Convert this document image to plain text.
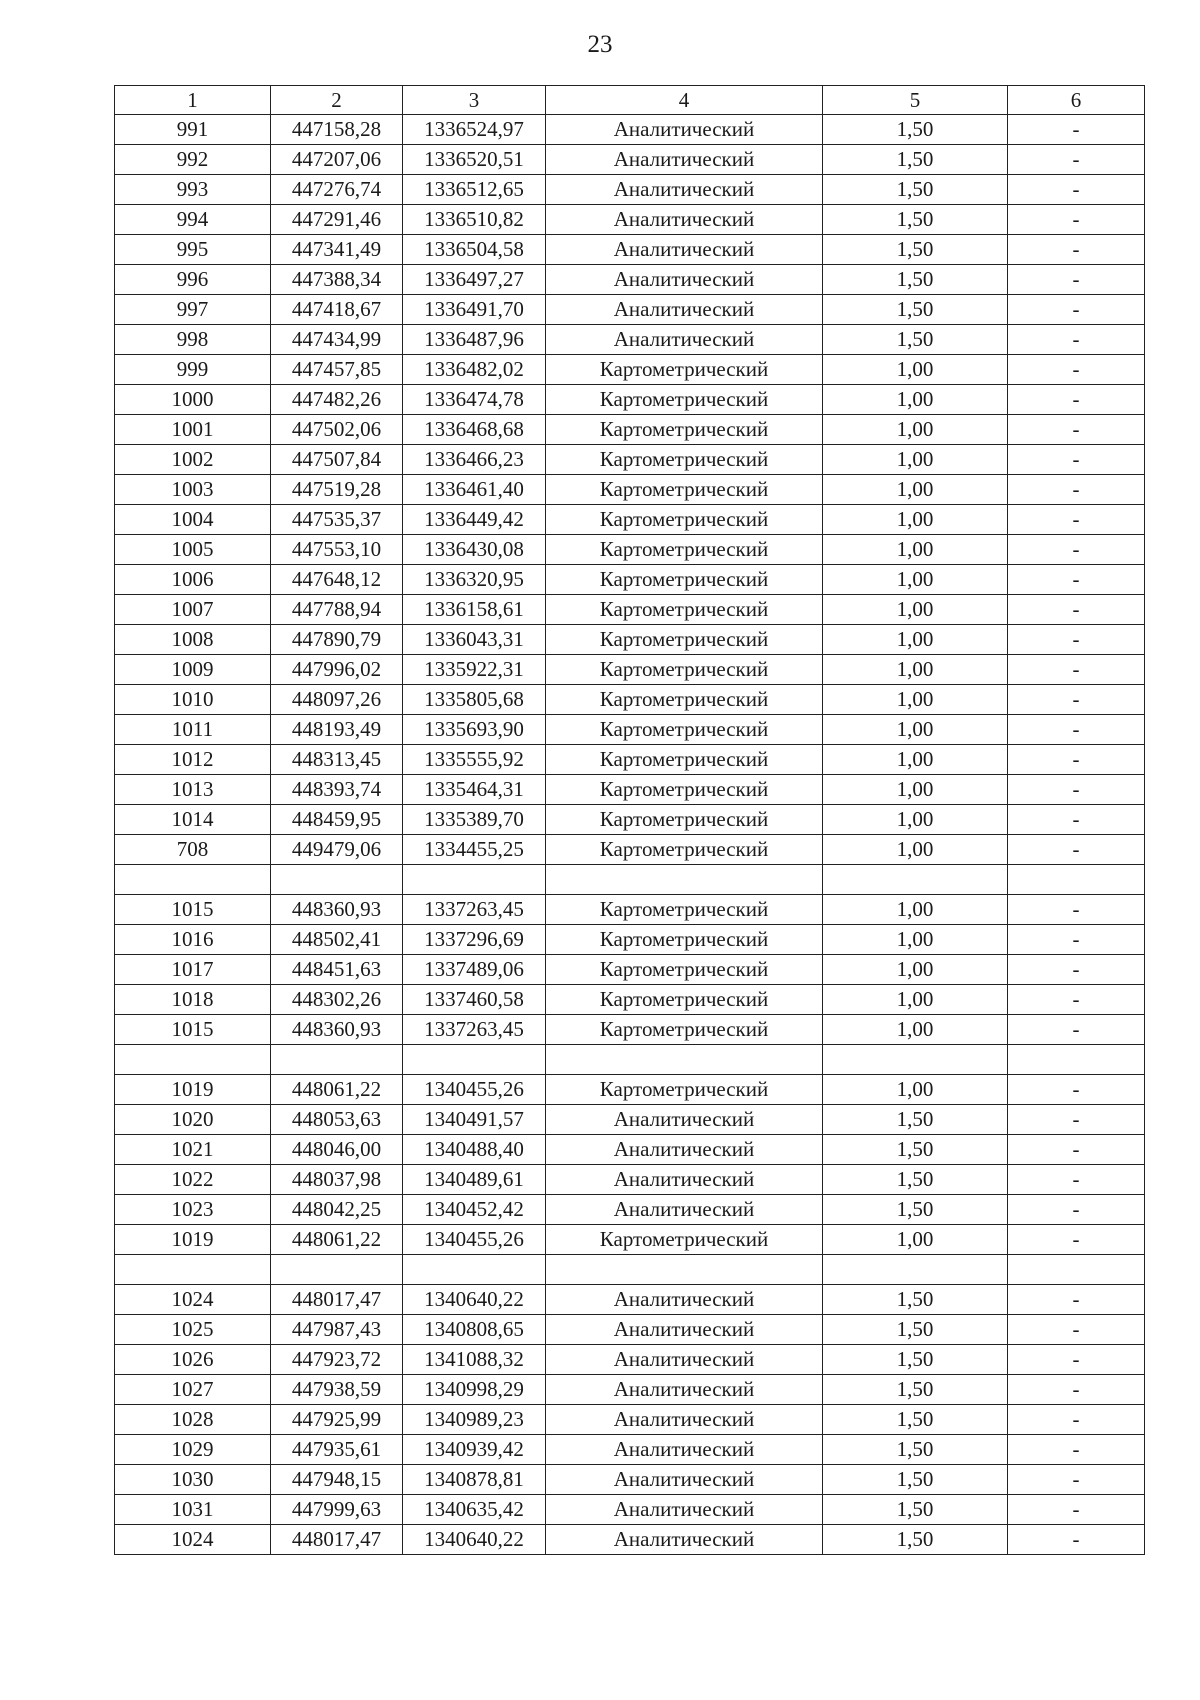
23
1	2	3	4	5	6
991	447158,28	1336524,97	Аналитический	1,50	-
992	447207,06	1336520,51	Аналитический	1,50	-
993	447276,74	1336512,65	Аналитический	1,50	-
994	447291,46	1336510,82	Аналитический	1,50	-
995	447341,49	1336504,58	Аналитический	1,50	-
996	447388,34	1336497,27	Аналитический	1,50	-
997	447418,67	1336491,70	Аналитический	1,50	-
998	447434,99	1336487,96	Аналитический	1,50	-
999	447457,85	1336482,02	Картометрический	1,00	-
1000	447482,26	1336474,78	Картометрический	1,00	-
1001	447502,06	1336468,68	Картометрический	1,00	-
1002	447507,84	1336466,23	Картометрический	1,00	-
1003	447519,28	1336461,40	Картометрический	1,00	-
1004	447535,37	1336449,42	Картометрический	1,00	-
1005	447553,10	1336430,08	Картометрический	1,00	-
1006	447648,12	1336320,95	Картометрический	1,00	-
1007	447788,94	1336158,61	Картометрический	1,00	-
1008	447890,79	1336043,31	Картометрический	1,00	-
1009	447996,02	1335922,31	Картометрический	1,00	-
1010	448097,26	1335805,68	Картометрический	1,00	-
1011	448193,49	1335693,90	Картометрический	1,00	-
1012	448313,45	1335555,92	Картометрический	1,00	-
1013	448393,74	1335464,31	Картометрический	1,00	-
1014	448459,95	1335389,70	Картометрический	1,00	-
708	449479,06	1334455,25	Картометрический	1,00	-

1015	448360,93	1337263,45	Картометрический	1,00	-
1016	448502,41	1337296,69	Картометрический	1,00	-
1017	448451,63	1337489,06	Картометрический	1,00	-
1018	448302,26	1337460,58	Картометрический	1,00	-
1015	448360,93	1337263,45	Картометрический	1,00	-

1019	448061,22	1340455,26	Картометрический	1,00	-
1020	448053,63	1340491,57	Аналитический	1,50	-
1021	448046,00	1340488,40	Аналитический	1,50	-
1022	448037,98	1340489,61	Аналитический	1,50	-
1023	448042,25	1340452,42	Аналитический	1,50	-
1019	448061,22	1340455,26	Картометрический	1,00	-

1024	448017,47	1340640,22	Аналитический	1,50	-
1025	447987,43	1340808,65	Аналитический	1,50	-
1026	447923,72	1341088,32	Аналитический	1,50	-
1027	447938,59	1340998,29	Аналитический	1,50	-
1028	447925,99	1340989,23	Аналитический	1,50	-
1029	447935,61	1340939,42	Аналитический	1,50	-
1030	447948,15	1340878,81	Аналитический	1,50	-
1031	447999,63	1340635,42	Аналитический	1,50	-
1024	448017,47	1340640,22	Аналитический	1,50	-
